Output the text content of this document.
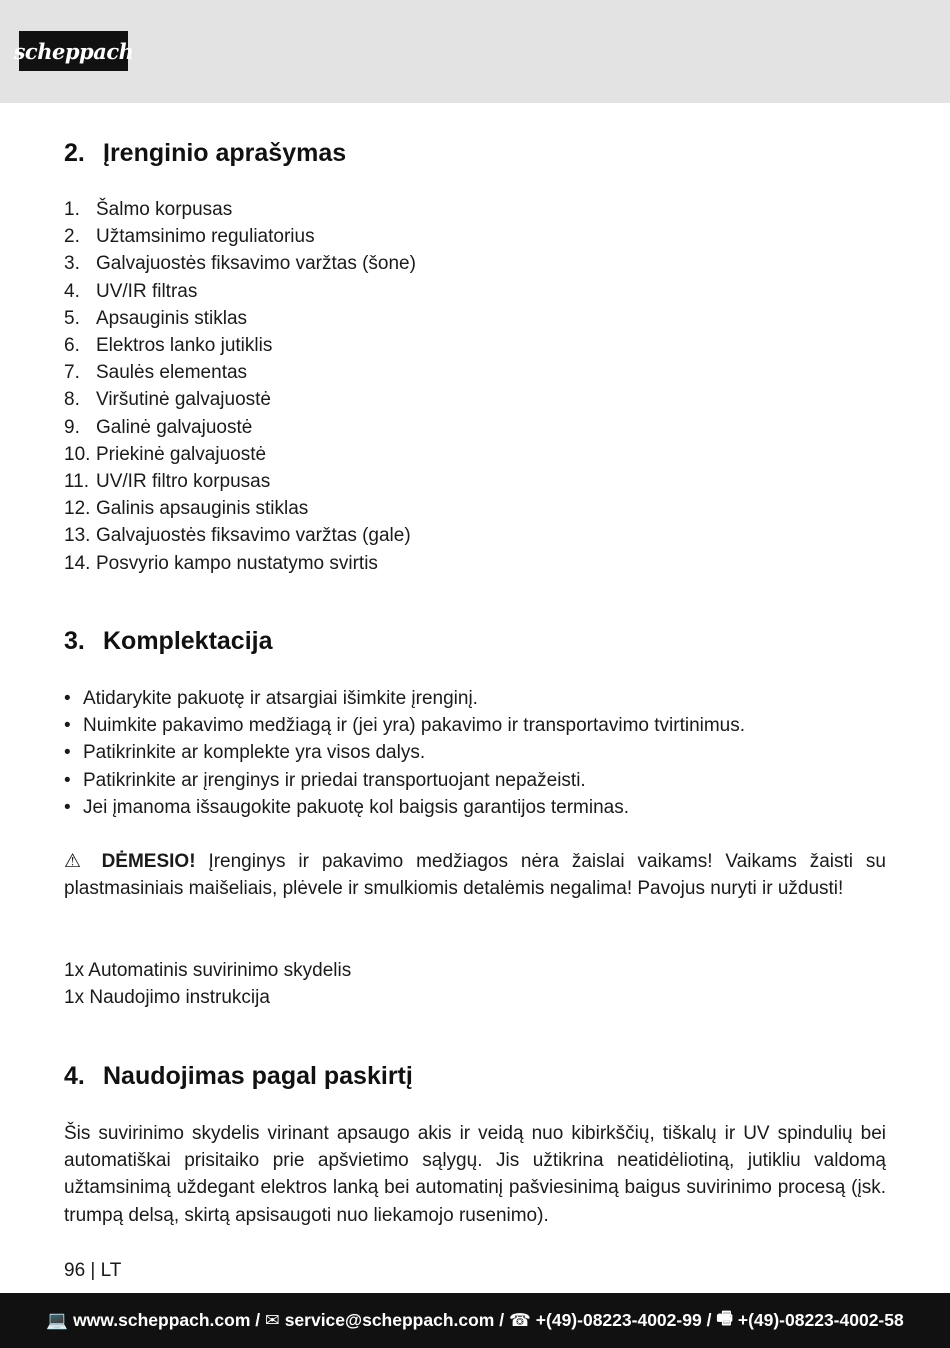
scheppach
2. Įrenginio aprašymas
1. Šalmo korpusas
2. Užtamsinimo reguliatorius
3. Galvajuostės fiksavimo varžtas (šone)
4. UV/IR filtras
5. Apsauginis stiklas
6. Elektros lanko jutiklis
7. Saulės elementas
8. Viršutinė galvajuostė
9. Galinė galvajuostė
10. Priekinė galvajuostė
11. UV/IR filtro korpusas
12. Galinis apsauginis stiklas
13. Galvajuostės fiksavimo varžtas (gale)
14. Posvyrio kampo nustatymo svirtis
3. Komplektacija
• Atidarykite pakuotę ir atsargiai išimkite įrenginį.
• Nuimkite pakavimo medžiagą ir (jei yra) pakavimo ir transportavimo tvirtinimus.
• Patikrinkite ar komplekte yra visos dalys.
• Patikrinkite ar įrenginys ir priedai transportuojant nepažeisti.
• Jei įmanoma išsaugokite pakuotę kol baigsis garantijos terminas.

⚠ DĖMESIO! Įrenginys ir pakavimo medžiagos nėra žaislai vaikams! Vaikams žaisti su plastmasiniais maišeliais, plėvele ir smulkiomis detalėmis negalima! Pavojus nuryti ir uždusti!

1x Automatinis suvirinimo skydelis
1x Naudojimo instrukcija
4. Naudojimas pagal paskirtį

Šis suvirinimo skydelis virinant apsaugo akis ir veidą nuo kibirkščių, tiškalų ir UV spindulių bei automatiškai prisitaiko prie apšvietimo sąlygų. Jis užtikrina neatidėliotiną, jutikliu valdomą užtamsinimą uždegant elektros lanką bei automatinį pašviesinimą baigus suvirinimo procesą (įsk. trumpą delsą, skirtą apsisaugoti nuo liekamojo rusenimo).

96 | LT
💻 www.scheppach.com
/
✉ service@scheppach.com
/
☎ +(49)-08223-4002-99
/
🖷 +(49)-08223-4002-58
